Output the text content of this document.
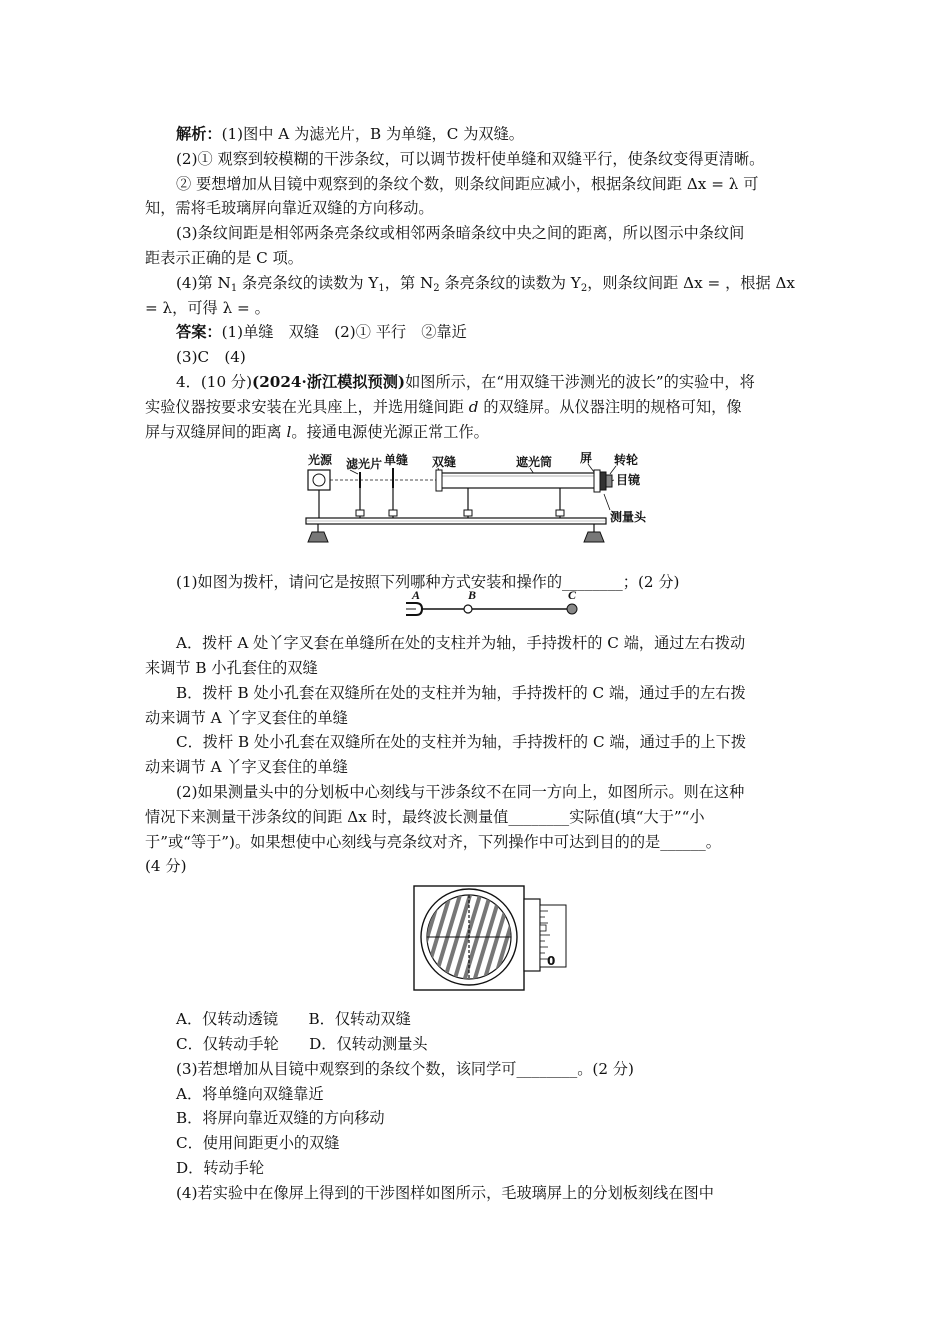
解析：(1)图中 A 为滤光片，B 为单缝，C 为双缝。
(2)① 观察到较模糊的干涉条纹，可以调节拨杆使单缝和双缝平行，使条纹变得更清晰。
② 要想增加从目镜中观察到的条纹个数，则条纹间距应减小，根据条纹间距 Δx = λ 可
知，需将毛玻璃屏向靠近双缝的方向移动。
(3)条纹间距是相邻两条亮条纹或相邻两条暗条纹中央之间的距离，所以图示中条纹间
距表示正确的是 C 项。
(4)第 $N_1$ 条亮条纹的读数为 $Y_1$，第 $N_2$ 条亮条纹的读数为 $Y_2$，则条纹间距 Δx = ，根据 Δx
= λ，可得 λ = 。
答案：(1)单缝　双缝　(2)① 平行　②靠近
(3)C　(4)
4．(10 分)(2024·浙江模拟预测)如图所示，在“用双缝干涉测光的波长”的实验中，将
实验仪器按要求安装在光具座上，并选用缝间距 d 的双缝屏。从仪器注明的规格可知，像
屏与双缝屏间的距离 l。接通电源使光源正常工作。
光源 滤光片 单缝 双缝	遮光筒 屏 转轮
目镜
测量头
(1)如图为拨杆，请问它是按照下列哪种方式安装和操作的________；(2 分)
A	B	C
A．拨杆 A 处丫字叉套在单缝所在处的支柱并为轴，手持拨杆的 C 端，通过左右拨动
来调节 B 小孔套住的双缝
B．拨杆 B 处小孔套在双缝所在处的支柱并为轴，手持拨杆的 C 端，通过手的左右拨
动来调节 A 丫字叉套住的单缝
C．拨杆 B 处小孔套在双缝所在处的支柱并为轴，手持拨杆的 C 端，通过手的上下拨
动来调节 A 丫字叉套住的单缝
(2)如果测量头中的分划板中心刻线与干涉条纹不在同一方向上，如图所示。则在这种
情况下来测量干涉条纹的间距 Δx 时，最终波长测量值________实际值(填“大于”“小
于”或“等于”)。如果想使中心刻线与亮条纹对齐，下列操作中可达到目的的是______。
(4 分)
0
A．仅转动透镜　　B．仅转动双缝
C．仅转动手轮　　D．仅转动测量头
(3)若想增加从目镜中观察到的条纹个数，该同学可________。(2 分)
A．将单缝向双缝靠近
B．将屏向靠近双缝的方向移动
C．使用间距更小的双缝
D．转动手轮
(4)若实验中在像屏上得到的干涉图样如图所示，毛玻璃屏上的分划板刻线在图中
